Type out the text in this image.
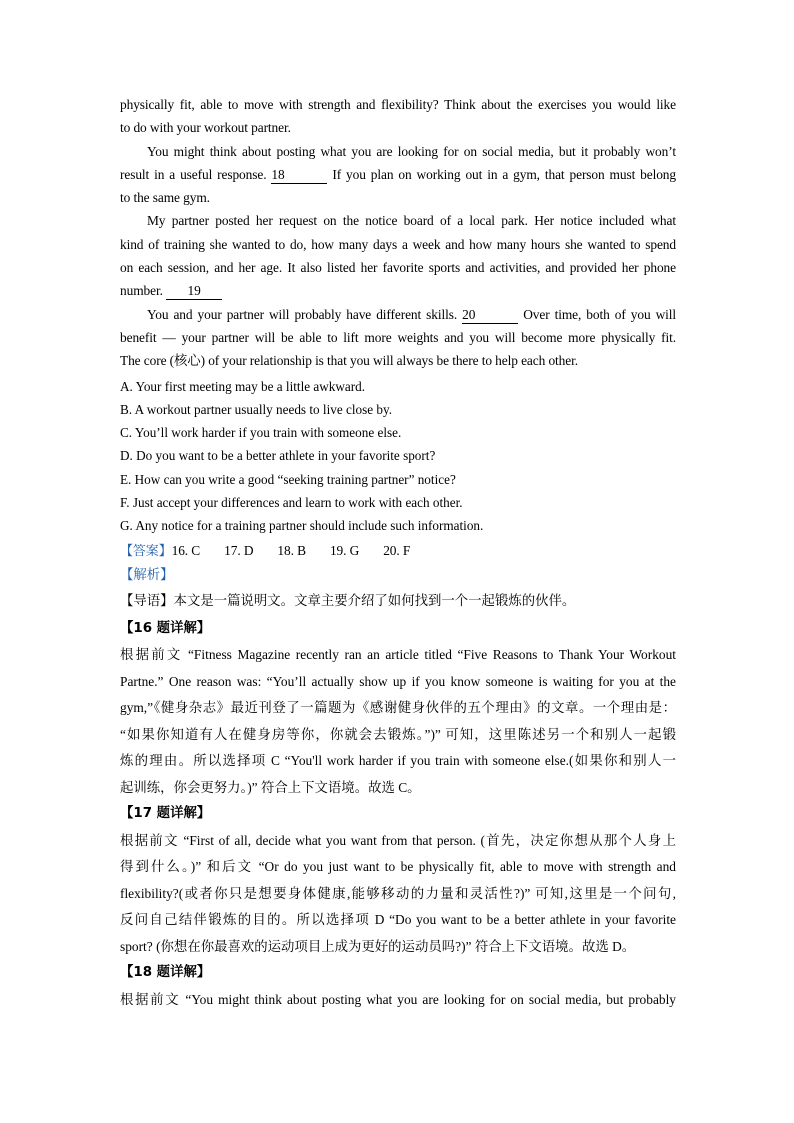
physically fit, able to move with strength and flexibility? Think about the exercises you would like
to do with your workout partner.
You might think about posting what you are looking for on social media, but it probably won’t
result in a useful response. 18	If you plan on working out in a gym, that person must belong
to the same gym.
My partner posted her request on the notice board of a local park. Her notice included what
kind of training she wanted to do, how many days a week and how many hours she wanted to spend
on each session, and her age. It also listed her favorite sports and activities, and provided her phone
number. 19
You and your partner will probably have different skills. 20	Over time, both of you will
benefit — your partner will be able to lift more weights and you will become more physically fit.
The core (核心) of your relationship is that you will always be there to help each other.
A. Your first meeting may be a little awkward.
B. A workout partner usually needs to live close by.
C. You’ll work harder if you train with someone else.
D. Do you want to be a better athlete in your favorite sport?
E. How can you write a good “seeking training partner” notice?
F. Just accept your differences and learn to work with each other.
G. Any notice for a training partner should include such information.
【答案】16. C 17. D 18. B 19. G 20. F
【解析】
【导语】本文是一篇说明文。文章主要介绍了如何找到一个一起锻炼的伙伴。
【16 题详解】
根据前文 “Fitness Magazine recently ran an article titled “Five Reasons to Thank Your Workout
Partne.” One reason was: “You’ll actually show up if you know someone is waiting for you at the
gym,”《健身杂志》最近刊登了一篇题为《感谢健身伙伴的五个理由》的文章。一个理由是：
“如果你知道有人在健身房等你，你就会去锻炼。”)” 可知，这里陈述另一个和别人一起锻
炼的理由。所以选择项 C “You'll work harder if you train with someone else.(如果你和别人一
起训练，你会更努力。)” 符合上下文语境。故选 C。
【17 题详解】
根据前文 “First of all, decide what you want from that person. (首先，决定你想从那个人身上
得到什么。)” 和后文 “Or do you just want to be physically fit, able to move with strength and
flexibility?(或者你只是想要身体健康,能够移动的力量和灵活性?)” 可知,这里是一个问句,
反问自己结伴锻炼的目的。所以选择项 D “Do you want to be a better athlete in your favorite
sport? (你想在你最喜欢的运动项目上成为更好的运动员吗?)” 符合上下文语境。故选 D。
【18 题详解】
根据前文 “You might think about posting what you are looking for on social media, but probably
